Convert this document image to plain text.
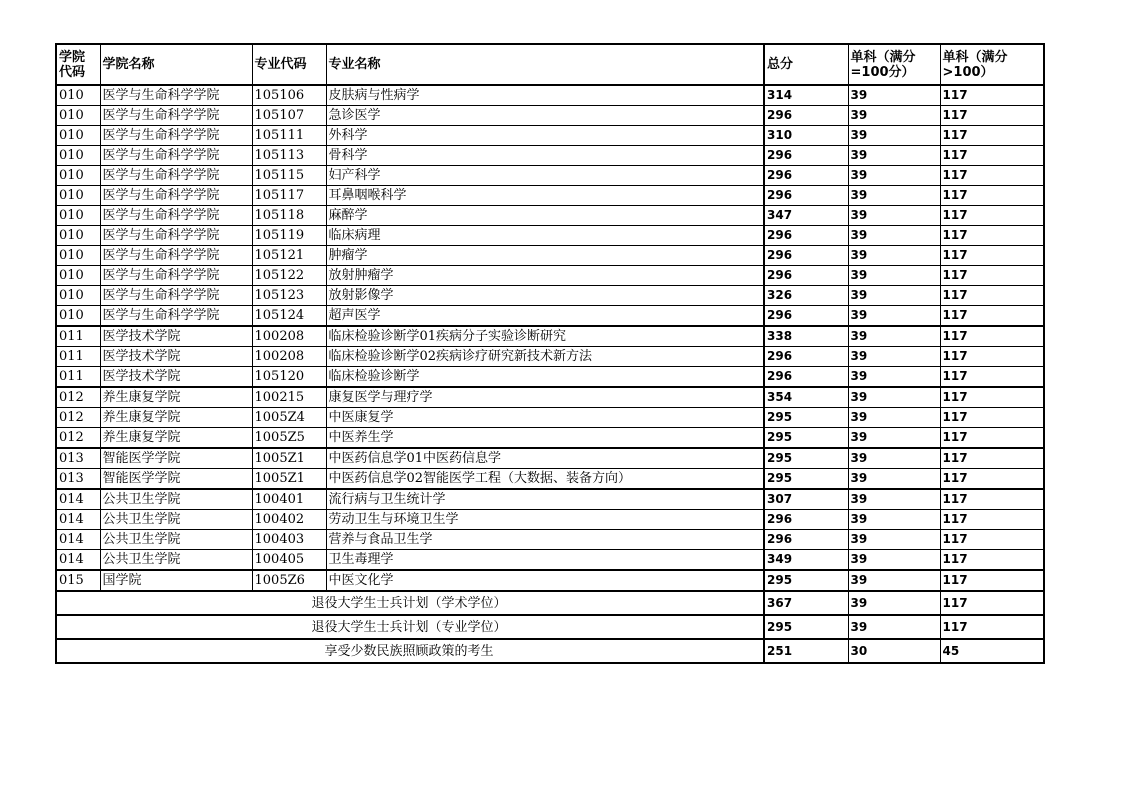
学院代码	学院名称	专业代码	专业名称	总分	单科（满分=100分）	单科（满分>100）
010	医学与生命科学学院	105106	皮肤病与性病学	314	39	117
010	医学与生命科学学院	105107	急诊医学	296	39	117
010	医学与生命科学学院	105111	外科学	310	39	117
010	医学与生命科学学院	105113	骨科学	296	39	117
010	医学与生命科学学院	105115	妇产科学	296	39	117
010	医学与生命科学学院	105117	耳鼻咽喉科学	296	39	117
010	医学与生命科学学院	105118	麻醉学	347	39	117
010	医学与生命科学学院	105119	临床病理	296	39	117
010	医学与生命科学学院	105121	肿瘤学	296	39	117
010	医学与生命科学学院	105122	放射肿瘤学	296	39	117
010	医学与生命科学学院	105123	放射影像学	326	39	117
010	医学与生命科学学院	105124	超声医学	296	39	117
011	医学技术学院	100208	临床检验诊断学01疾病分子实验诊断研究	338	39	117
011	医学技术学院	100208	临床检验诊断学02疾病诊疗研究新技术新方法	296	39	117
011	医学技术学院	105120	临床检验诊断学	296	39	117
012	养生康复学院	100215	康复医学与理疗学	354	39	117
012	养生康复学院	1005Z4	中医康复学	295	39	117
012	养生康复学院	1005Z5	中医养生学	295	39	117
013	智能医学学院	1005Z1	中医药信息学01中医药信息学	295	39	117
013	智能医学学院	1005Z1	中医药信息学02智能医学工程（大数据、装备方向）	295	39	117
014	公共卫生学院	100401	流行病与卫生统计学	307	39	117
014	公共卫生学院	100402	劳动卫生与环境卫生学	296	39	117
014	公共卫生学院	100403	营养与食品卫生学	296	39	117
014	公共卫生学院	100405	卫生毒理学	349	39	117
015	国学院	1005Z6	中医文化学	295	39	117
退役大学生士兵计划（学术学位）				367	39	117
退役大学生士兵计划（专业学位）				295	39	117
享受少数民族照顾政策的考生				251	30	45
